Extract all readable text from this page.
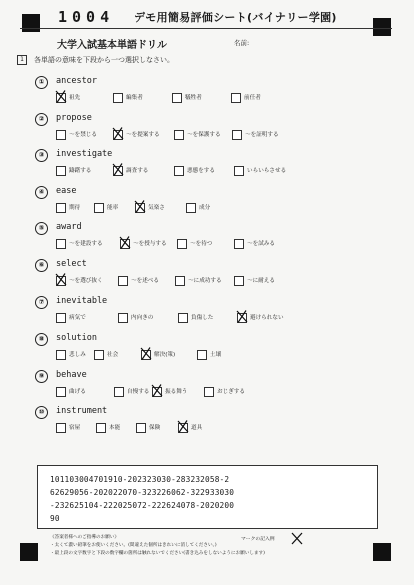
1004 デモ用簡易評価シート(バイナリー学園)
大学入試基本単語ドリル	名前:
1	各単語の意味を下段から一つ選択しなさい。
①	ancestor
祖先	編集者	犠牲者	前任者
②	propose
〜を禁じる	〜を提案する	〜を保護する	〜を証明する
③	investigate
躊躇する	調査する	悪態をする	いらいらさせる
④	ease
期待	能率	気楽さ	成分
⑤	award
〜を建設する	〜を授与する	〜を待つ	〜を試みる
⑥	select
〜を選び抜く	〜を述べる	〜に成功する	〜に耐える
⑦	inevitable
病気で	内向きの	負傷した	避けられない
⑧	solution
悲しみ	社会	解決(策)	土壌
⑨	behave
曲げる	自慢する	振る舞う	おじぎする
⑩	instrument
宿屋	本能	保険	道具
101103004701910-202323030-283232058-2
62629056-202022070-323226062-322933030
-232625104-222025072-222624078-2020200
90
《答案者様へのご指導のお願い》
・太くて濃い鉛筆をお使いください。(間違えた個所はきれいに消してください。)
・最上段の文字数字と下段の数字欄の箇所は触れないでください(書き込みをしないようにお願いします)
マークの記入例
